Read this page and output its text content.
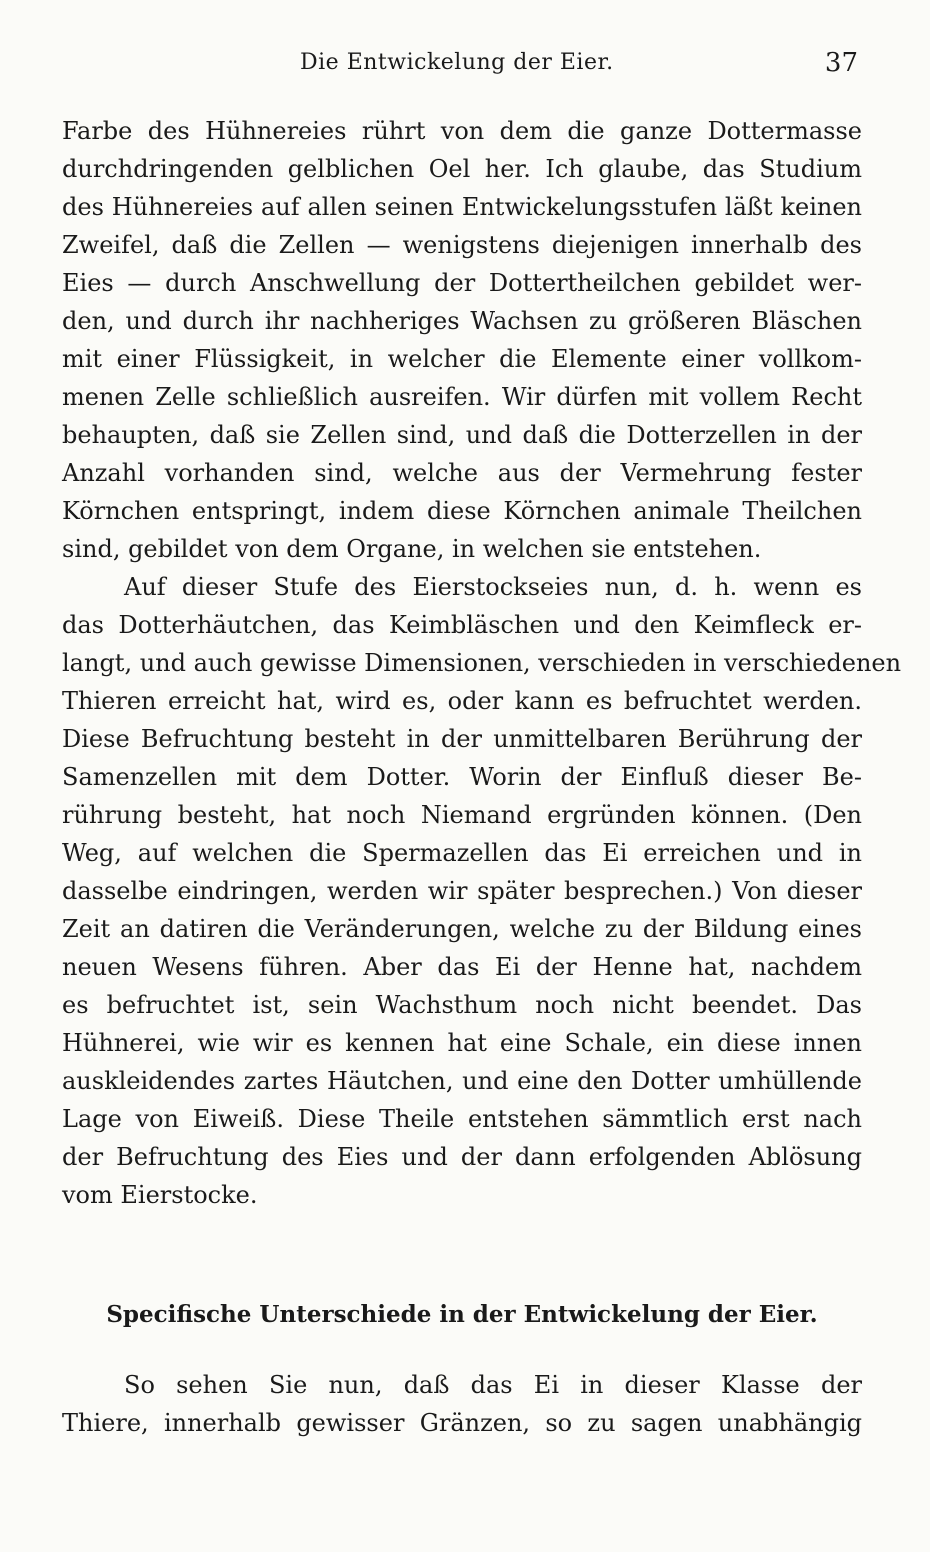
Die Entwickelung der Eier.	37
Farbe des Hühnereies rührt von dem die ganze Dottermasse
durchdringenden gelblichen Oel her. Ich glaube, das Studium
des Hühnereies auf allen seinen Entwickelungsstufen läßt keinen
Zweifel, daß die Zellen — wenigstens diejenigen innerhalb des
Eies — durch Anschwellung der Dottertheilchen gebildet wer-
den, und durch ihr nachheriges Wachsen zu größeren Bläschen
mit einer Flüssigkeit, in welcher die Elemente einer vollkom-
menen Zelle schließlich ausreifen. Wir dürfen mit vollem Recht
behaupten, daß sie Zellen sind, und daß die Dotterzellen in der
Anzahl vorhanden sind, welche aus der Vermehrung fester
Körnchen entspringt, indem diese Körnchen animale Theilchen
sind, gebildet von dem Organe, in welchen sie entstehen.
Auf dieser Stufe des Eierstockseies nun, d. h. wenn es
das Dotterhäutchen, das Keimbläschen und den Keimfleck er-
langt, und auch gewisse Dimensionen, verschieden in verschiedenen
Thieren erreicht hat, wird es, oder kann es befruchtet werden.
Diese Befruchtung besteht in der unmittelbaren Berührung der
Samenzellen mit dem Dotter. Worin der Einfluß dieser Be-
rührung besteht, hat noch Niemand ergründen können. (Den
Weg, auf welchen die Spermazellen das Ei erreichen und in
dasselbe eindringen, werden wir später besprechen.) Von dieser
Zeit an datiren die Veränderungen, welche zu der Bildung eines
neuen Wesens führen. Aber das Ei der Henne hat, nachdem
es befruchtet ist, sein Wachsthum noch nicht beendet. Das
Hühnerei, wie wir es kennen hat eine Schale, ein diese innen
auskleidendes zartes Häutchen, und eine den Dotter umhüllende
Lage von Eiweiß. Diese Theile entstehen sämmtlich erst nach
der Befruchtung des Eies und der dann erfolgenden Ablösung
vom Eierstocke.
Specifische Unterschiede in der Entwickelung der Eier.
So sehen Sie nun, daß das Ei in dieser Klasse der
Thiere, innerhalb gewisser Gränzen, so zu sagen unabhängig
